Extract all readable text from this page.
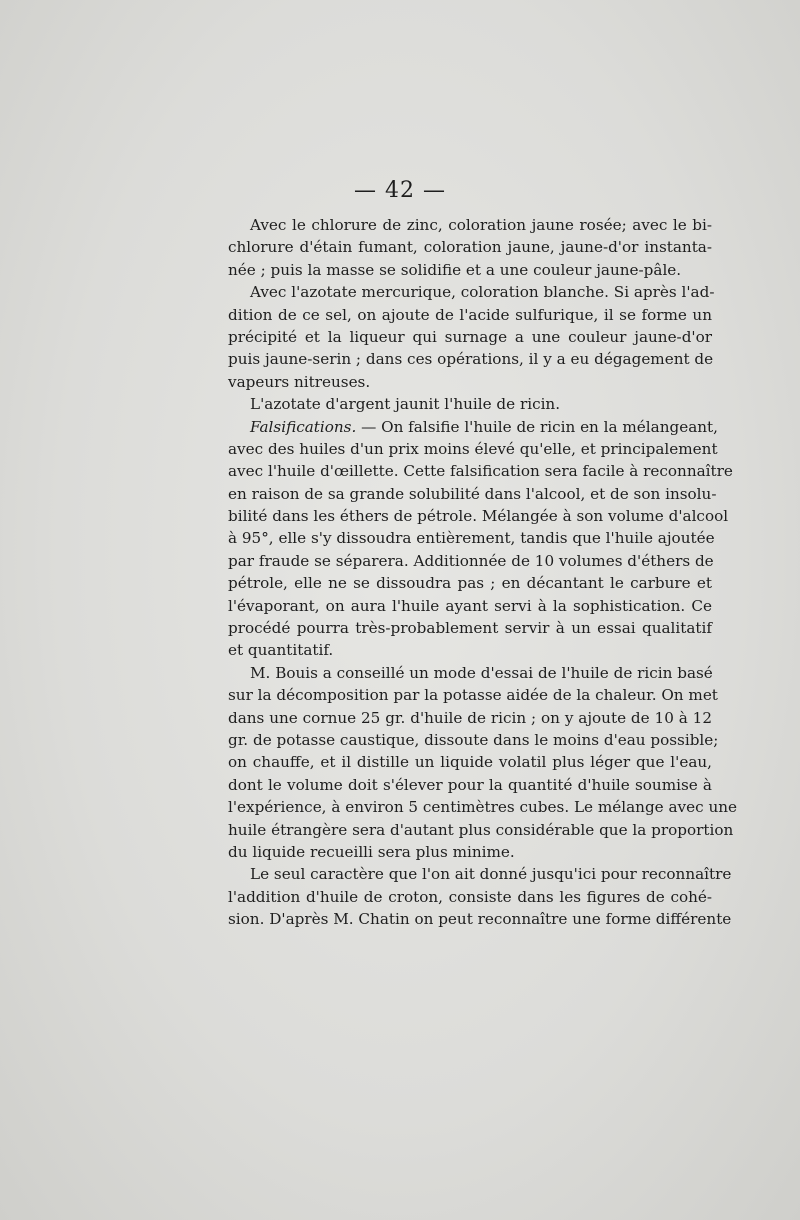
— 42 —

Avec le chlorure de zinc, coloration jaune rosée; avec le bi-
chlorure d'étain fumant, coloration jaune, jaune-d'or instanta-
née ; puis la masse se solidifie et a une couleur jaune-pâle.

Avec l'azotate mercurique, coloration blanche. Si après l'ad-
dition de ce sel, on ajoute de l'acide sulfurique, il se forme un
précipité et la liqueur qui surnage a une couleur jaune-d'or
puis jaune-serin ; dans ces opérations, il y a eu dégagement de
vapeurs nitreuses.

L'azotate d'argent jaunit l'huile de ricin.

Falsifications. — On falsifie l'huile de ricin en la mélangeant,
avec des huiles d'un prix moins élevé qu'elle, et principalement
avec l'huile d'œillette. Cette falsification sera facile à reconnaître
en raison de sa grande solubilité dans l'alcool, et de son insolu-
bilité dans les éthers de pétrole. Mélangée à son volume d'alcool
à 95°, elle s'y dissoudra entièrement, tandis que l'huile ajoutée
par fraude se séparera. Additionnée de 10 volumes d'éthers de
pétrole, elle ne se dissoudra pas ; en décantant le carbure et
l'évaporant, on aura l'huile ayant servi à la sophistication. Ce
procédé pourra très-probablement servir à un essai qualitatif
et quantitatif.

M. Bouis a conseillé un mode d'essai de l'huile de ricin basé
sur la décomposition par la potasse aidée de la chaleur. On met
dans une cornue 25 gr. d'huile de ricin ; on y ajoute de 10 à 12
gr. de potasse caustique, dissoute dans le moins d'eau possible;
on chauffe, et il distille un liquide volatil plus léger que l'eau,
dont le volume doit s'élever pour la quantité d'huile soumise à
l'expérience, à environ 5 centimètres cubes. Le mélange avec une
huile étrangère sera d'autant plus considérable que la proportion
du liquide recueilli sera plus minime.

Le seul caractère que l'on ait donné jusqu'ici pour reconnaître
l'addition d'huile de croton, consiste dans les figures de cohé-
sion. D'après M. Chatin on peut reconnaître une forme différente
